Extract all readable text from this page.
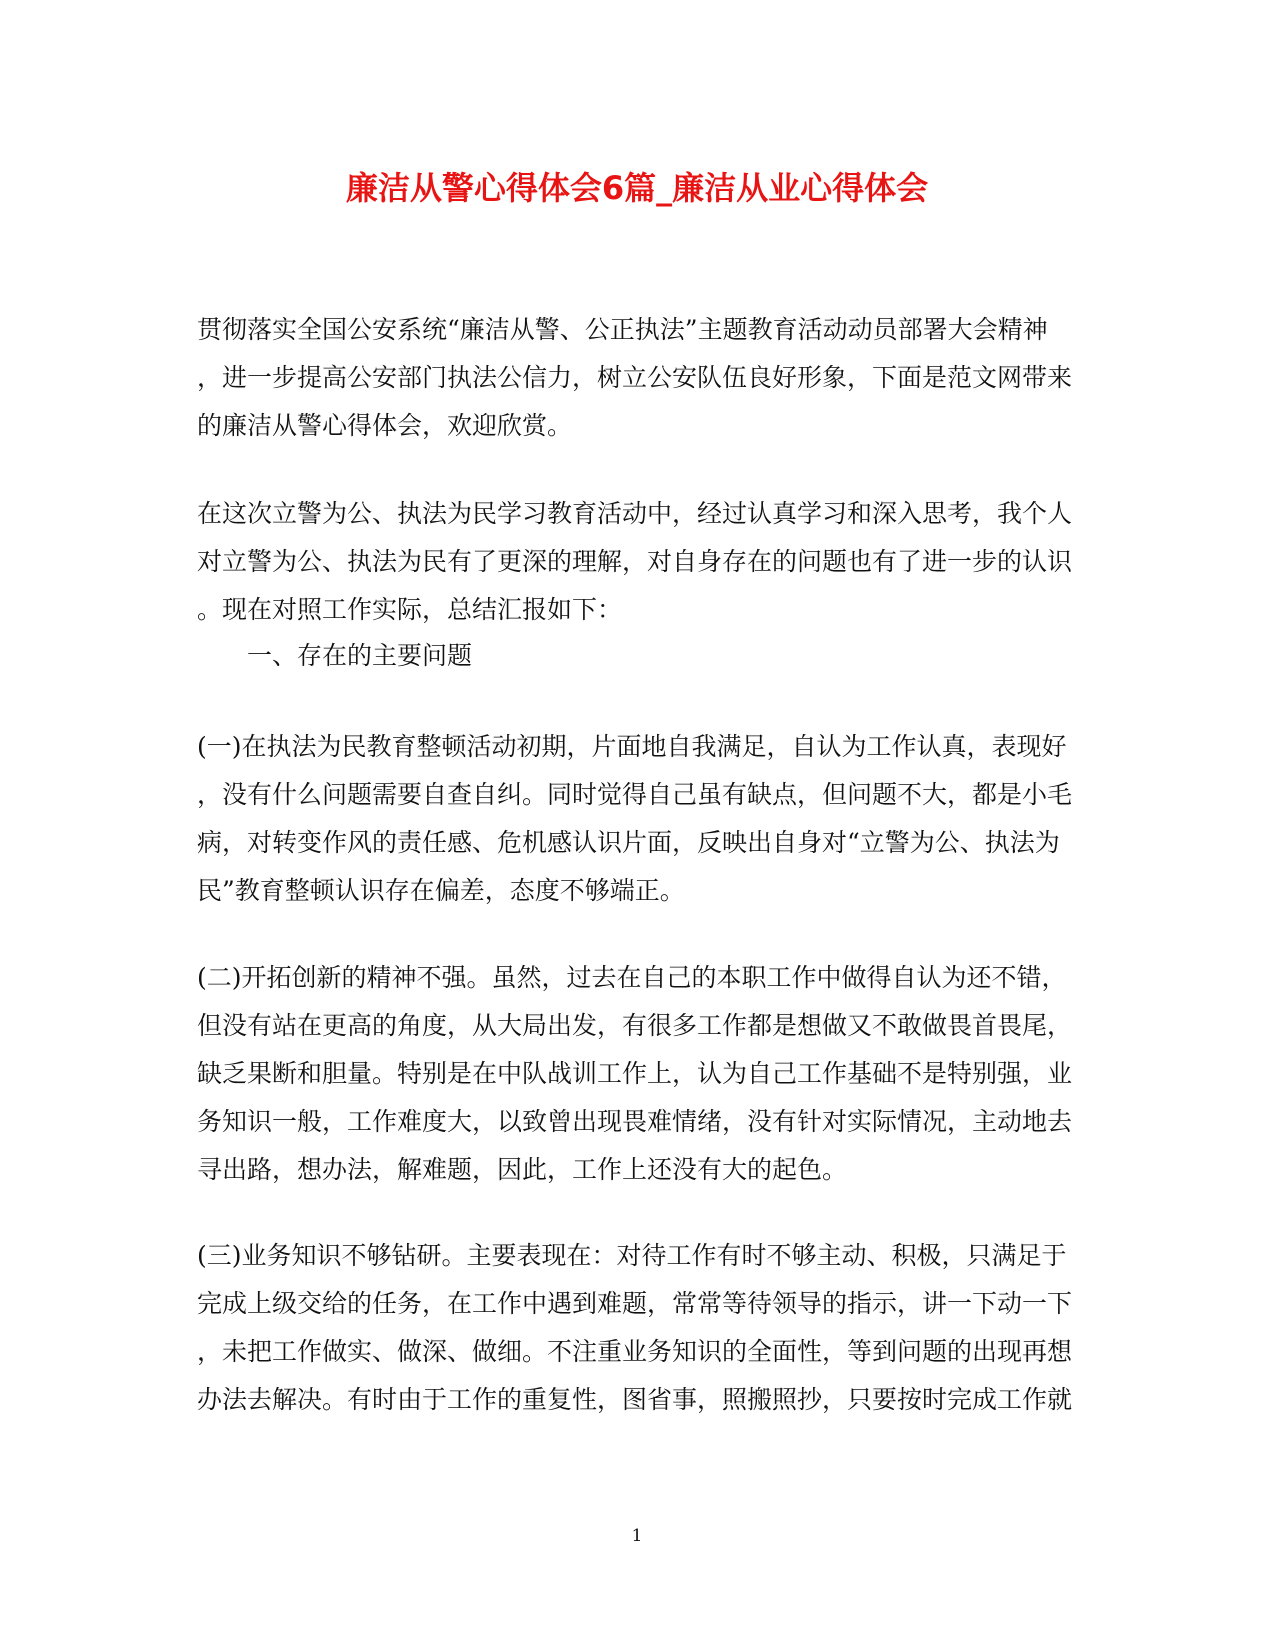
廉洁从警心得体会6篇_廉洁从业心得体会
贯彻落实全国公安系统“廉洁从警、公正执法”主题教育活动动员部署大会精神
，进一步提高公安部门执法公信力，树立公安队伍良好形象，下面是范文网带来
的廉洁从警心得体会，欢迎欣赏。
在这次立警为公、执法为民学习教育活动中，经过认真学习和深入思考，我个人
对立警为公、执法为民有了更深的理解，对自身存在的问题也有了进一步的认识
。现在对照工作实际，总结汇报如下：
一、存在的主要问题
(一)在执法为民教育整顿活动初期，片面地自我满足，自认为工作认真，表现好
，没有什么问题需要自查自纠。同时觉得自己虽有缺点，但问题不大，都是小毛
病，对转变作风的责任感、危机感认识片面，反映出自身对“立警为公、执法为
民”教育整顿认识存在偏差，态度不够端正。
(二)开拓创新的精神不强。虽然，过去在自己的本职工作中做得自认为还不错，
但没有站在更高的角度，从大局出发，有很多工作都是想做又不敢做畏首畏尾，
缺乏果断和胆量。特别是在中队战训工作上，认为自己工作基础不是特别强，业
务知识一般，工作难度大，以致曾出现畏难情绪，没有针对实际情况，主动地去
寻出路，想办法，解难题，因此，工作上还没有大的起色。
(三)业务知识不够钻研。主要表现在：对待工作有时不够主动、积极，只满足于
完成上级交给的任务，在工作中遇到难题，常常等待领导的指示，讲一下动一下
，未把工作做实、做深、做细。不注重业务知识的全面性，等到问题的出现再想
办法去解决。有时由于工作的重复性，图省事，照搬照抄，只要按时完成工作就
1
